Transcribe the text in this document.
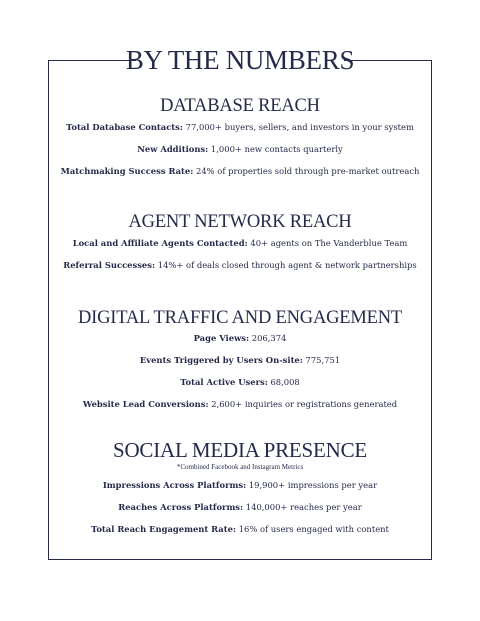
BY THE NUMBERS
DATABASE REACH

Total Database Contacts: 77,000+ buyers, sellers, and investors in your system

New Additions: 1,000+ new contacts quarterly

Matchmaking Success Rate: 24% of properties sold through pre-market outreach

AGENT NETWORK REACH

Local and Affiliate Agents Contacted: 40+ agents on The Vanderblue Team

Referral Successes: 14%+ of deals closed through agent & network partnerships

DIGITAL TRAFFIC AND ENGAGEMENT

Page Views: 206,374

Events Triggered by Users On-site: 775,751

Total Active Users: 68,008

Website Lead Conversions: 2,600+ inquiries or registrations generated

SOCIAL MEDIA PRESENCE
*Combined Facebook and Instagram Metrics

Impressions Across Platforms: 19,900+ impressions per year

Reaches Across Platforms: 140,000+ reaches per year

Total Reach Engagement Rate: 16% of users engaged with content
